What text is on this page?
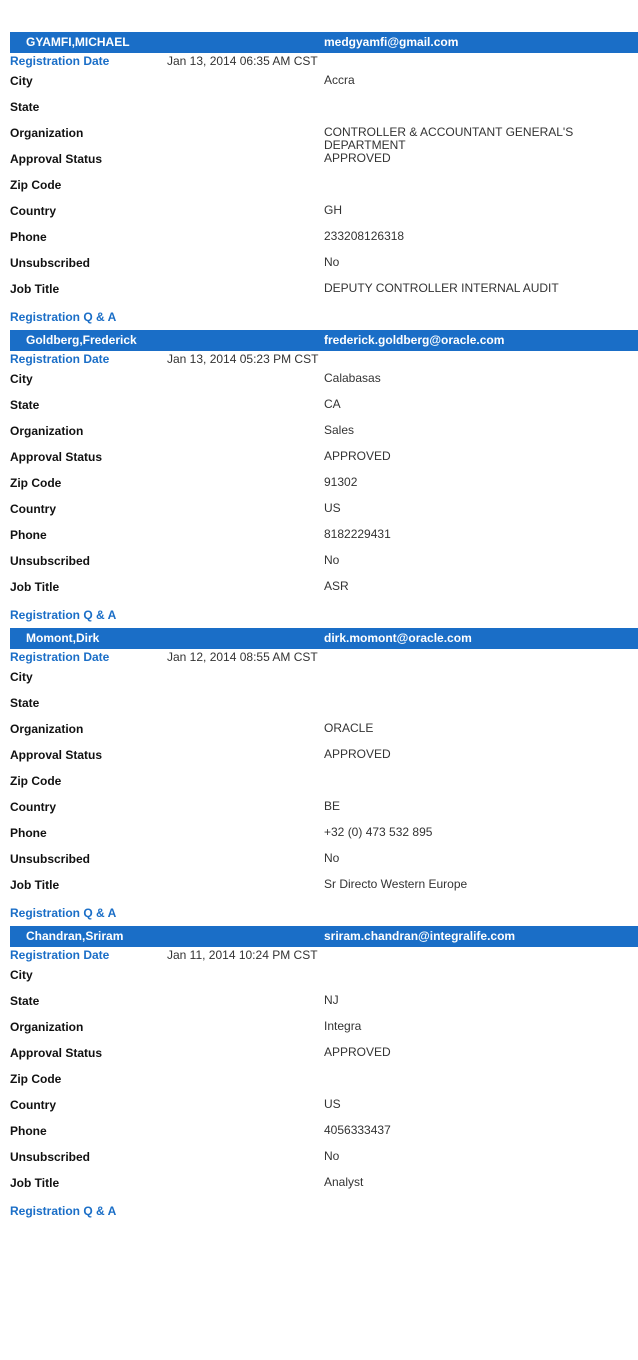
GYAMFI,MICHAEL	medgyamfi@gmail.com
Registration Date	Jan 13, 2014 06:35 AM CST
City	Accra
State
Organization	CONTROLLER & ACCOUNTANT GENERAL'S DEPARTMENT
Approval Status	APPROVED
Zip Code
Country	GH
Phone	233208126318
Unsubscribed	No
Job Title	DEPUTY CONTROLLER INTERNAL AUDIT
Registration Q & A
Goldberg,Frederick	frederick.goldberg@oracle.com
Registration Date	Jan 13, 2014 05:23 PM CST
City	Calabasas
State	CA
Organization	Sales
Approval Status	APPROVED
Zip Code	91302
Country	US
Phone	8182229431
Unsubscribed	No
Job Title	ASR
Registration Q & A
Momont,Dirk	dirk.momont@oracle.com
Registration Date	Jan 12, 2014 08:55 AM CST
City
State
Organization	ORACLE
Approval Status	APPROVED
Zip Code
Country	BE
Phone	+32 (0) 473 532 895
Unsubscribed	No
Job Title	Sr Directo Western Europe
Registration Q & A
Chandran,Sriram	sriram.chandran@integralife.com
Registration Date	Jan 11, 2014 10:24 PM CST
City
State	NJ
Organization	Integra
Approval Status	APPROVED
Zip Code
Country	US
Phone	4056333437
Unsubscribed	No
Job Title	Analyst
Registration Q & A
